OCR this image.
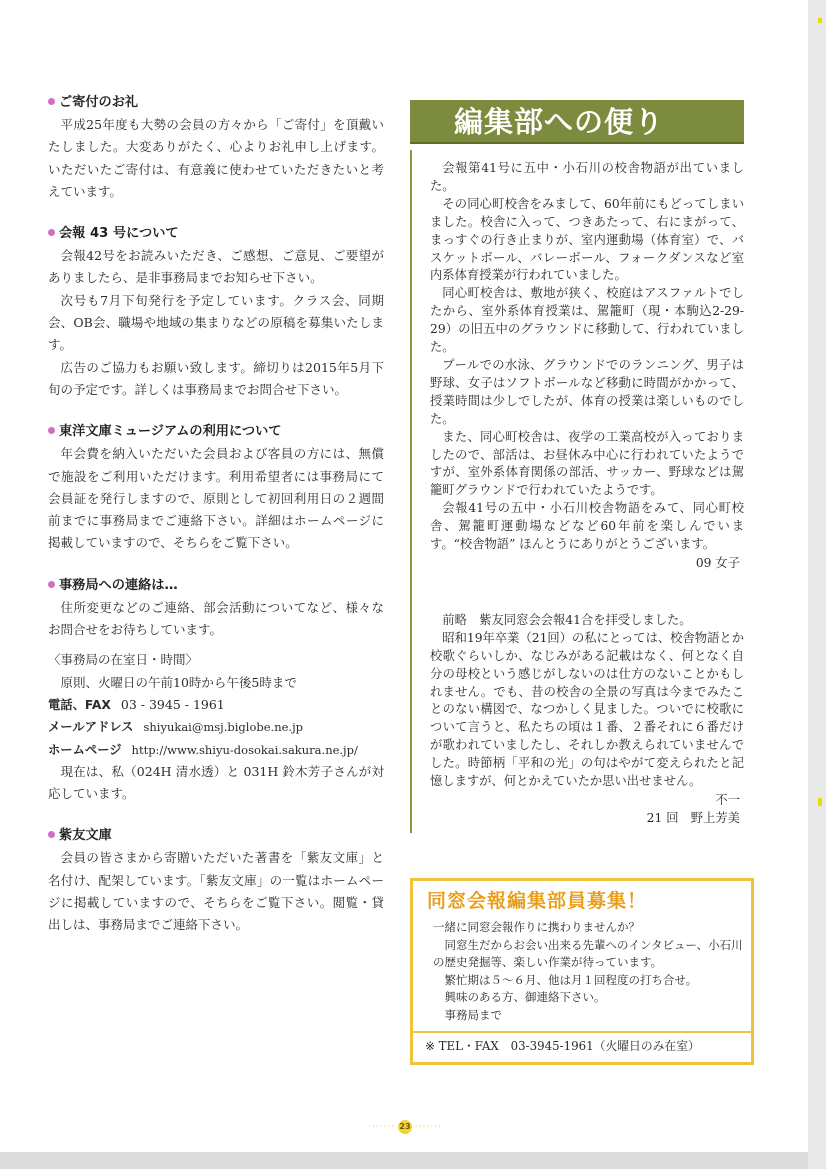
ご寄付のお礼

平成25年度も大勢の会員の方々から「ご寄付」を頂戴いたしました。大変ありがたく、心よりお礼申し上げます。いただいたご寄付は、有意義に使わせていただきたいと考えています。

会報 43 号について

会報42号をお読みいただき、ご感想、ご意見、ご要望がありましたら、是非事務局までお知らせ下さい。

次号も7月下旬発行を予定しています。クラス会、同期会、OB会、職場や地域の集まりなどの原稿を募集いたします。

広告のご協力もお願い致します。締切りは2015年5月下旬の予定です。詳しくは事務局までお問合せ下さい。

東洋文庫ミュージアムの利用について

年会費を納入いただいた会員および客員の方には、無償で施設をご利用いただけます。利用希望者には事務局にて会員証を発行しますので、原則として初回利用日の２週間前までに事務局までご連絡下さい。詳細はホームページに掲載していますので、そちらをご覧下さい。

事務局への連絡は…

住所変更などのご連絡、部会活動についてなど、様々なお問合せをお待ちしています。

〈事務局の在室日・時間〉

原則、火曜日の午前10時から午後5時まで

電話、FAX 03 - 3945 - 1961

メールアドレス shiyukai@msj.biglobe.ne.jp

ホームページ http://www.shiyu-dosokai.sakura.ne.jp/

現在は、私（024H 清水透）と 031H 鈴木芳子さんが対応しています。

紫友文庫

会員の皆さまから寄贈いただいた著書を「紫友文庫」と名付け、配架しています。「紫友文庫」の一覧はホームページに掲載していますので、そちらをご覧下さい。閲覧・貸出しは、事務局までご連絡下さい。

編集部への便り

会報第41号に五中・小石川の校舎物語が出ていました。

その同心町校舎をみまして、60年前にもどってしまいました。校舎に入って、つきあたって、右にまがって、まっすぐの行き止まりが、室内運動場（体育室）で、バスケットボール、バレーボール、フォークダンスなど室内系体育授業が行われていました。

同心町校舎は、敷地が狭く、校庭はアスファルトでしたから、室外系体育授業は、駕籠町（現・本駒込2-29-29）の旧五中のグラウンドに移動して、行われていました。

プールでの水泳、グラウンドでのランニング、男子は野球、女子はソフトボールなど移動に時間がかかって、授業時間は少しでしたが、体育の授業は楽しいものでした。

また、同心町校舎は、夜学の工業高校が入っておりましたので、部活は、お昼休み中心に行われていたようですが、室外系体育関係の部活、サッカー、野球などは駕籠町グラウンドで行われていたようです。

会報41号の五中・小石川校舎物語をみて、同心町校舎、駕籠町運動場などなど60年前を楽しんでいます。“校舎物語” ほんとうにありがとうございます。

09 女子

前略　紫友同窓会会報41合を拝受しました。

昭和19年卒業（21回）の私にとっては、校舎物語とか校歌ぐらいしか、なじみがある記載はなく、何となく自分の母校という感じがしないのは仕方のないことかもしれません。でも、昔の校舎の全景の写真は今までみたことのない構図で、なつかしく見ました。ついでに校歌について言うと、私たちの頃は１番、２番それに６番だけが歌われていましたし、それしか教えられていませんでした。時節柄「平和の光」の句はやがて変えられたと記憶しますが、何とかえていたか思い出せません。

不一

21 回　野上芳美

同窓会報編集部員募集！

一緒に同窓会報作りに携わりませんか？

同窓生だからお会い出来る先輩へのインタビュー、小石川の歴史発掘等、楽しい作業が待っています。

繁忙期は５～６月、他は月１回程度の打ち合せ。

興味のある方、御連絡下さい。

事務局まで

※ TEL・FAX　03-3945-1961（火曜日のみ在室）

······· 23 ·······
